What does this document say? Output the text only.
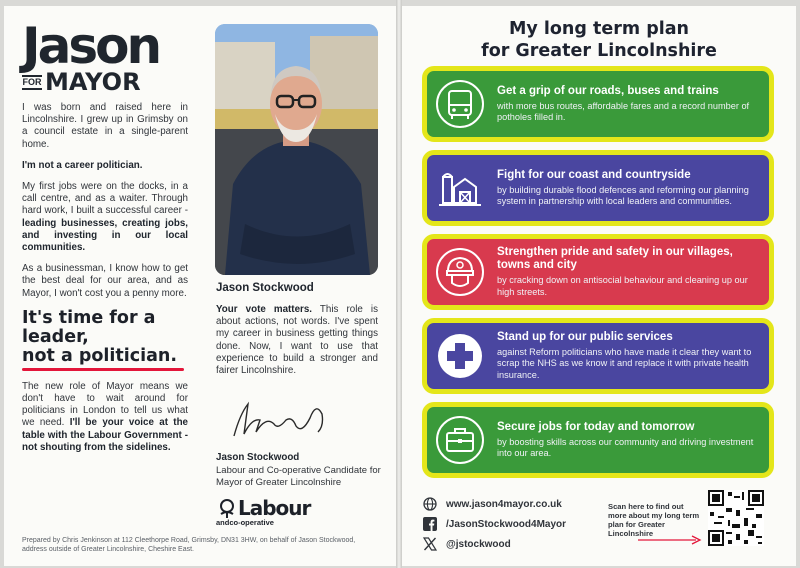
Jason
FOR MAYOR

I was born and raised here in Lincolnshire. I grew up in Grimsby on a council estate in a single-parent home.

I'm not a career politician.

My first jobs were on the docks, in a call centre, and as a waiter. Through hard work, I built a successful career - leading businesses, creating jobs, and investing in our local communities.

As a businessman, I know how to get the best deal for our area, and as Mayor, I won't cost you a penny more.

It's time for a
leader,
not a politician.

The new role of Mayor means we don't have to wait around for politicians in London to tell us what we need. I'll be your voice at the table with the Labour Government - not shouting from the sidelines.

Jason Stockwood
Your vote matters. This role is about actions, not words. I've spent my career in business getting things done. Now, I want to use that experience to build a stronger and fairer Lincolnshire.
Jason Stockwood
Labour and Co-operative Candidate for Mayor of Greater Lincolnshire
Labour
andco-operative
Prepared by Chris Jenkinson at 112 Cleethorpe Road, Grimsby, DN31 3HW, on behalf of Jason Stockwood, address outside of Greater Lincolnshire, Cheshire East.
My long term plan
for Greater Lincolnshire
Get a grip of our roads, buses and trains
with more bus routes, affordable fares and a record number of potholes filled in.
Fight for our coast and countryside
by building durable flood defences and reforming our planning system in partnership with local leaders and communities.
Strengthen pride and safety in our villages, towns and city
by cracking down on antisocial behaviour and cleaning up our high streets.
Stand up for our public services
against Reform politicians who have made it clear they want to scrap the NHS as we know it and replace it with private health insurance.
Secure jobs for today and tomorrow
by boosting skills across our community and driving investment into our area.
www.jason4mayor.co.uk
/JasonStockwood4Mayor
@jstockwood
Scan here to find out more about my long term plan for Greater Lincolnshire
